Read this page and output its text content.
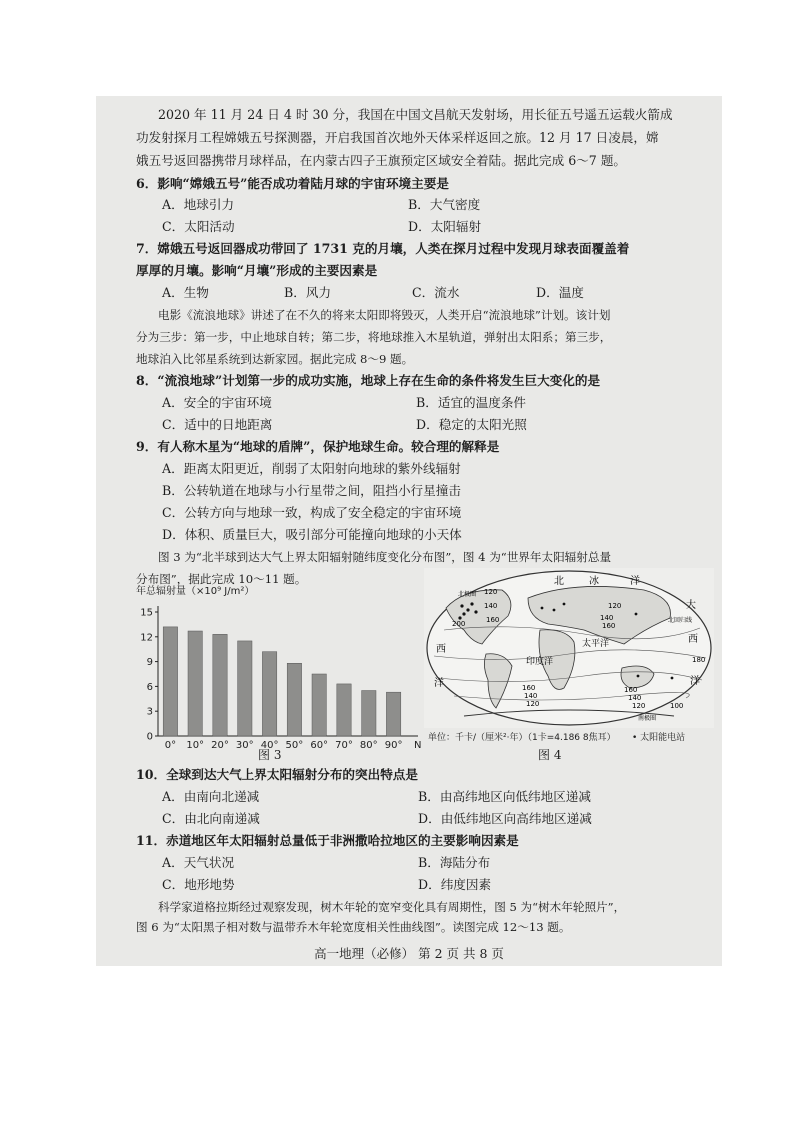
2020 年 11 月 24 日 4 时 30 分，我国在中国文昌航天发射场，用长征五号遥五运载火箭成
功发射探月工程嫦娥五号探测器，开启我国首次地外天体采样返回之旅。12 月 17 日凌晨，嫦
娥五号返回器携带月球样品，在内蒙古四子王旗预定区域安全着陆。据此完成 6～7 题。
6．影响“嫦娥五号”能否成功着陆月球的宇宙环境主要是
A．地球引力	B．大气密度
C．太阳活动	D．太阳辐射
7．嫦娥五号返回器成功带回了 1731 克的月壤，人类在探月过程中发现月球表面覆盖着
厚厚的月壤。影响“月壤”形成的主要因素是
A．生物	B．风力	C．流水	D．温度
电影《流浪地球》讲述了在不久的将来太阳即将毁灭，人类开启“流浪地球”计划。该计划
分为三步：第一步，中止地球自转；第二步，将地球推入木星轨道，弹射出太阳系；第三步，
地球泊入比邻星系统到达新家园。据此完成 8～9 题。
8．“流浪地球”计划第一步的成功实施，地球上存在生命的条件将发生巨大变化的是
A．安全的宇宙环境	B．适宜的温度条件
C．适中的日地距离	D．稳定的太阳光照
9．有人称木星为“地球的盾牌”，保护地球生命。较合理的解释是
A．距离太阳更近，削弱了太阳射向地球的紫外线辐射
B．公转轨道在地球与小行星带之间，阻挡小行星撞击
C．公转方向与地球一致，构成了安全稳定的宇宙环境
D．体积、质量巨大，吸引部分可能撞向地球的小天体
图 3 为“北半球到达大气上界太阳辐射随纬度变化分布图”，图 4 为“世界年太阳辐射总量
分布图”，据此完成 10～11 题。
年总辐射量（×10⁹ J/m²）
0
3
6
9
12
15
0° 10° 20° 30° 40° 50° 60° 70° 80° 90° N
图 3
北	冰	洋
大
西
太平洋
印度洋
西
洋	洋
北回归线
南极圈
北极圈
200
120
140
160	140
120
160
180
160
140
120
160
140
120	100
单位：千卡/（厘米²·年）（1卡=4.186 8焦耳） • 太阳能电站
图 4
10．全球到达大气上界太阳辐射分布的突出特点是
A．由南向北递减	B．由高纬地区向低纬地区递减
C．由北向南递减	D．由低纬地区向高纬地区递减
11．赤道地区年太阳辐射总量低于非洲撒哈拉地区的主要影响因素是
A．天气状况	B．海陆分布
C．地形地势	D．纬度因素
科学家道格拉斯经过观察发现，树木年轮的宽窄变化具有周期性，图 5 为“树木年轮照片”，
图 6 为“太阳黑子相对数与温带乔木年轮宽度相关性曲线图”。读图完成 12～13 题。
高一地理（必修） 第 2 页 共 8 页
